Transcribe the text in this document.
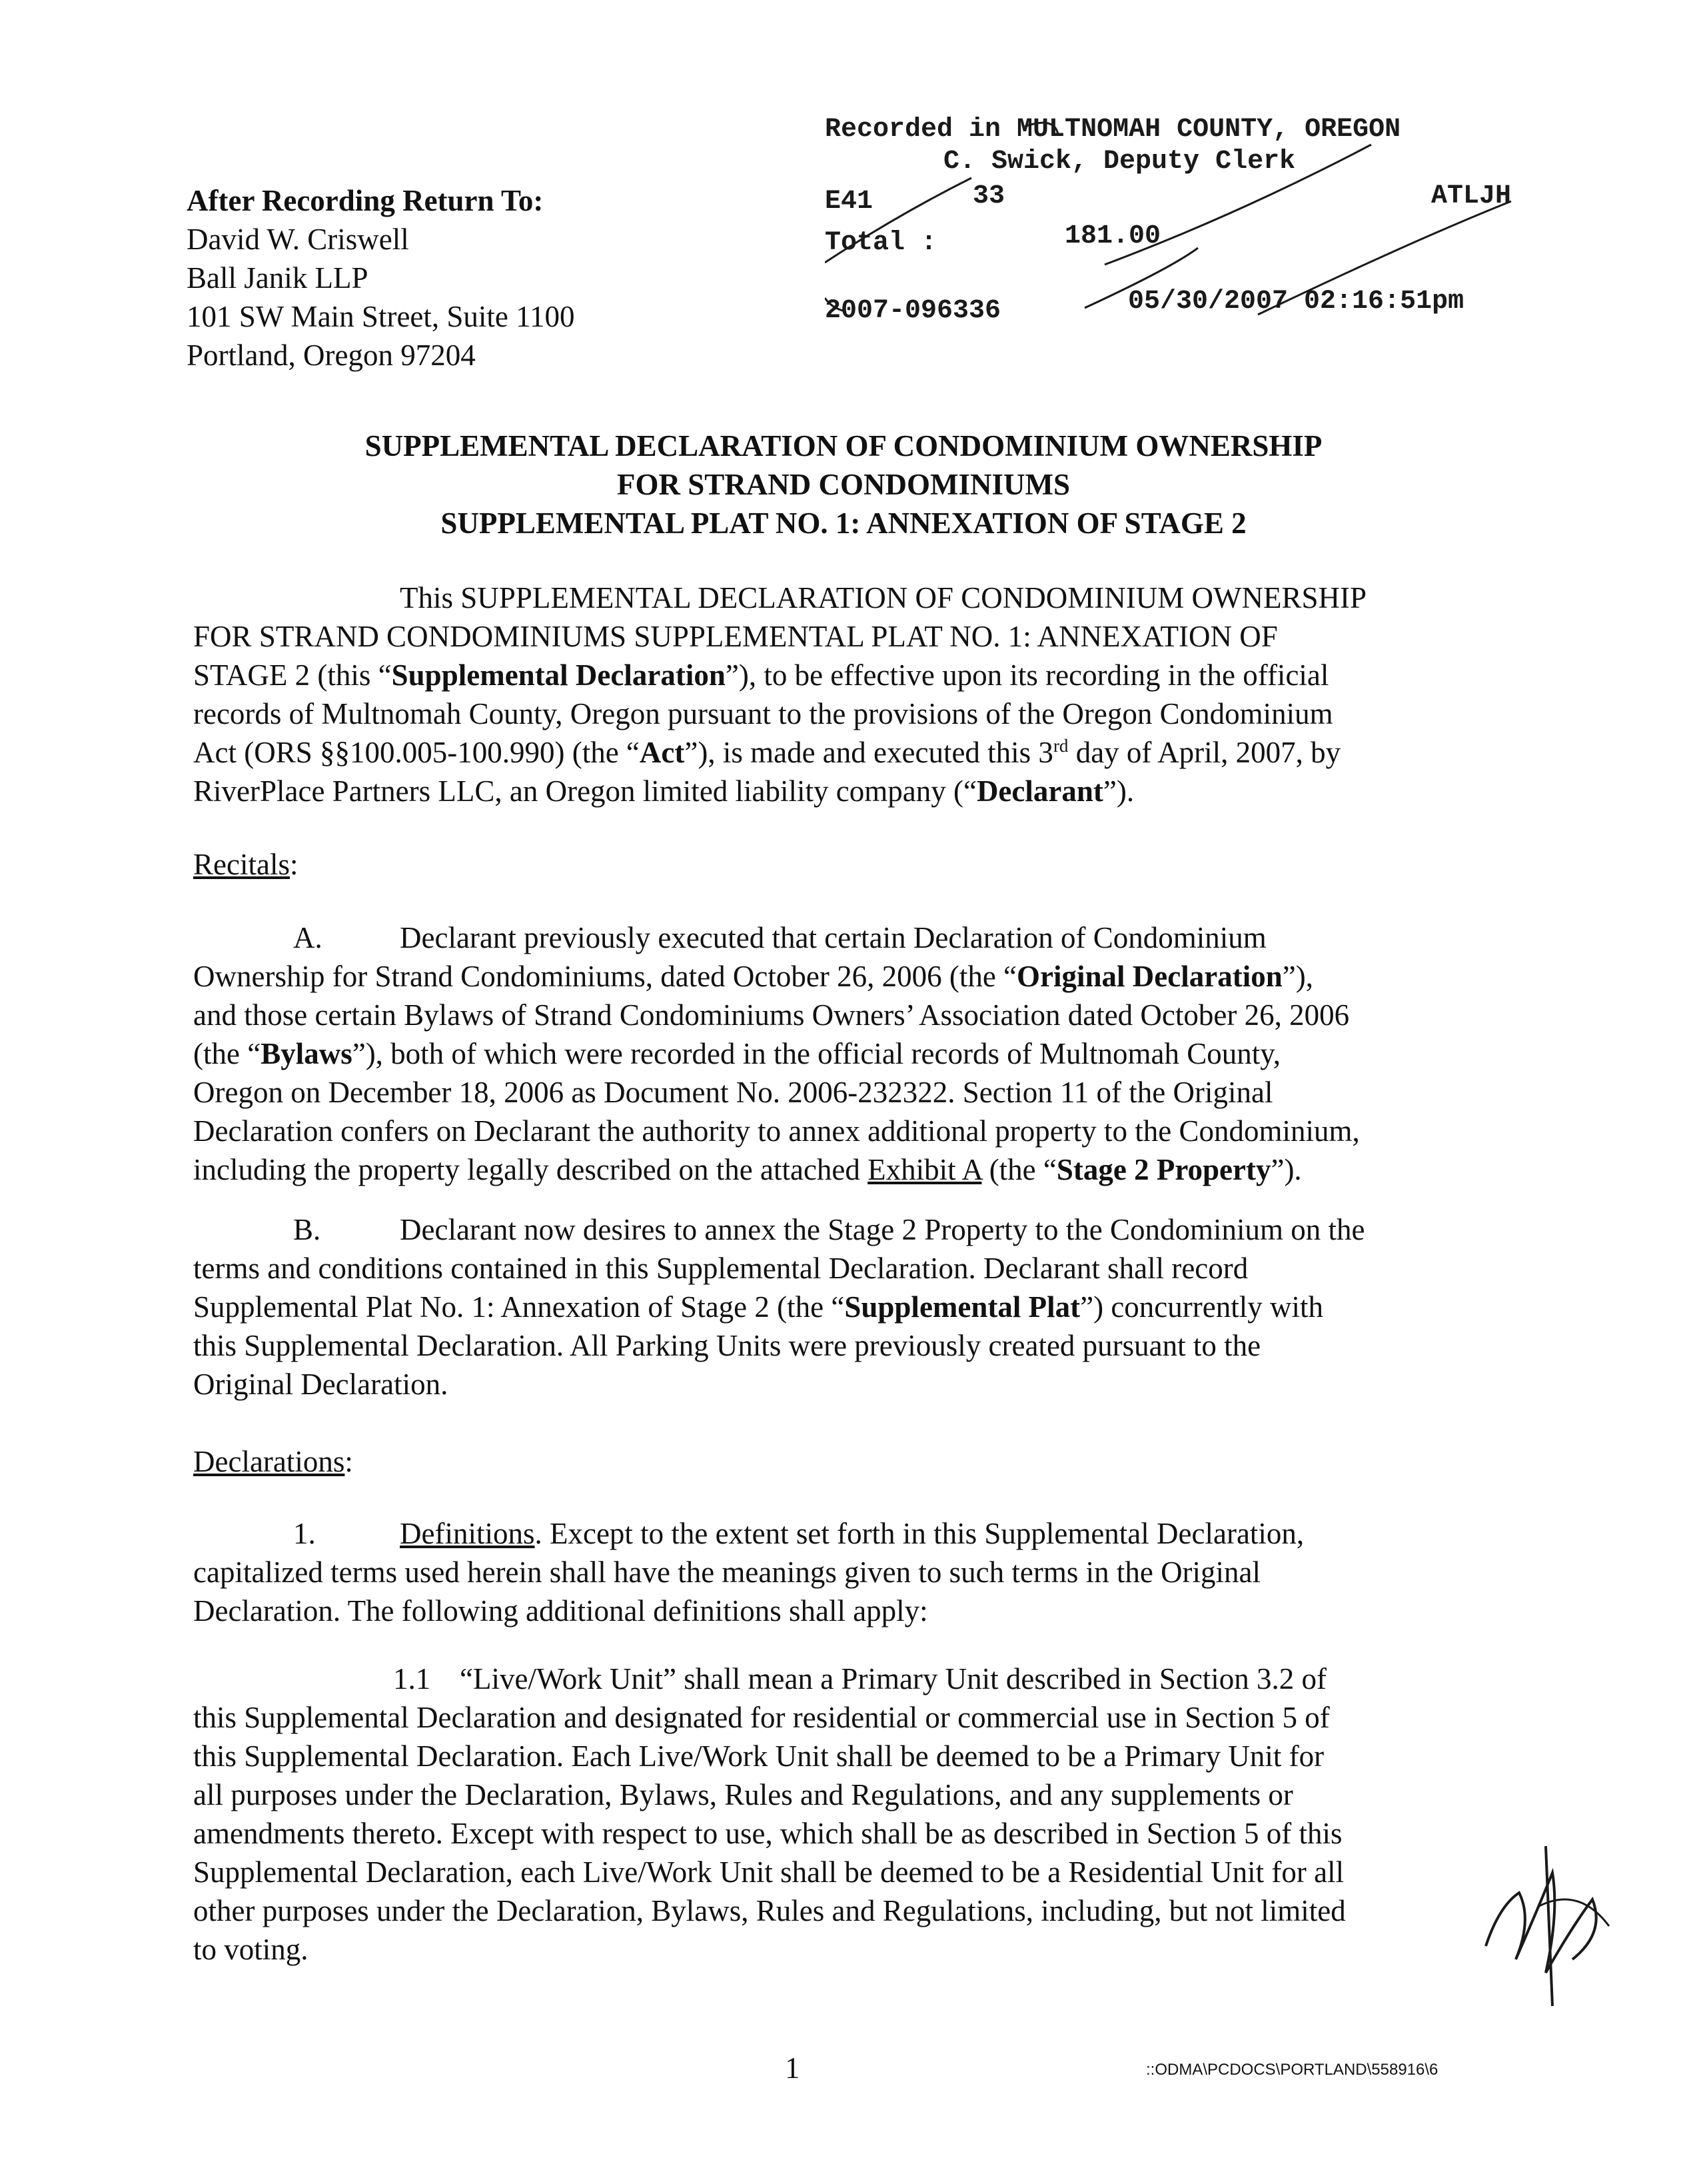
Recorded in MULTNOMAH COUNTY, OREGON

C. Swick, Deputy Clerk

E41

	33

	ATLJH

Total :

	181.00

2007-096336

	05/30/2007 02:16:51pm

After Recording Return To:
David W. Criswell
Ball Janik LLP
101 SW Main Street, Suite 1100
Portland, Oregon 97204
SUPPLEMENTAL DECLARATION OF CONDOMINIUM OWNERSHIP
FOR STRAND CONDOMINIUMS
SUPPLEMENTAL PLAT NO. 1: ANNEXATION OF STAGE 2
This SUPPLEMENTAL DECLARATION OF CONDOMINIUM OWNERSHIP
FOR STRAND CONDOMINIUMS SUPPLEMENTAL PLAT NO. 1: ANNEXATION OF
STAGE 2 (this “Supplemental Declaration”), to be effective upon its recording in the official
records of Multnomah County, Oregon pursuant to the provisions of the Oregon Condominium
Act (ORS §§100.005-100.990) (the “Act”), is made and executed this 3rd day of April, 2007, by
RiverPlace Partners LLC, an Oregon limited liability company (“Declarant”).
Recitals:
A.	Declarant previously executed that certain Declaration of Condominium
Ownership for Strand Condominiums, dated October 26, 2006 (the “Original Declaration”),
and those certain Bylaws of Strand Condominiums Owners’ Association dated October 26, 2006
(the “Bylaws”), both of which were recorded in the official records of Multnomah County,
Oregon on December 18, 2006 as Document No. 2006-232322. Section 11 of the Original
Declaration confers on Declarant the authority to annex additional property to the Condominium,
including the property legally described on the attached Exhibit A (the “Stage 2 Property”).
B.	Declarant now desires to annex the Stage 2 Property to the Condominium on the
terms and conditions contained in this Supplemental Declaration. Declarant shall record
Supplemental Plat No. 1: Annexation of Stage 2 (the “Supplemental Plat”) concurrently with
this Supplemental Declaration. All Parking Units were previously created pursuant to the
Original Declaration.
Declarations:
1.	Definitions. Except to the extent set forth in this Supplemental Declaration,
capitalized terms used herein shall have the meanings given to such terms in the Original
Declaration. The following additional definitions shall apply:
1.1 “Live/Work Unit” shall mean a Primary Unit described in Section 3.2 of
this Supplemental Declaration and designated for residential or commercial use in Section 5 of
this Supplemental Declaration. Each Live/Work Unit shall be deemed to be a Primary Unit for
all purposes under the Declaration, Bylaws, Rules and Regulations, and any supplements or
amendments thereto. Except with respect to use, which shall be as described in Section 5 of this
Supplemental Declaration, each Live/Work Unit shall be deemed to be a Residential Unit for all
other purposes under the Declaration, Bylaws, Rules and Regulations, including, but not limited
to voting.
1	::ODMA\PCDOCS\PORTLAND\558916\6
